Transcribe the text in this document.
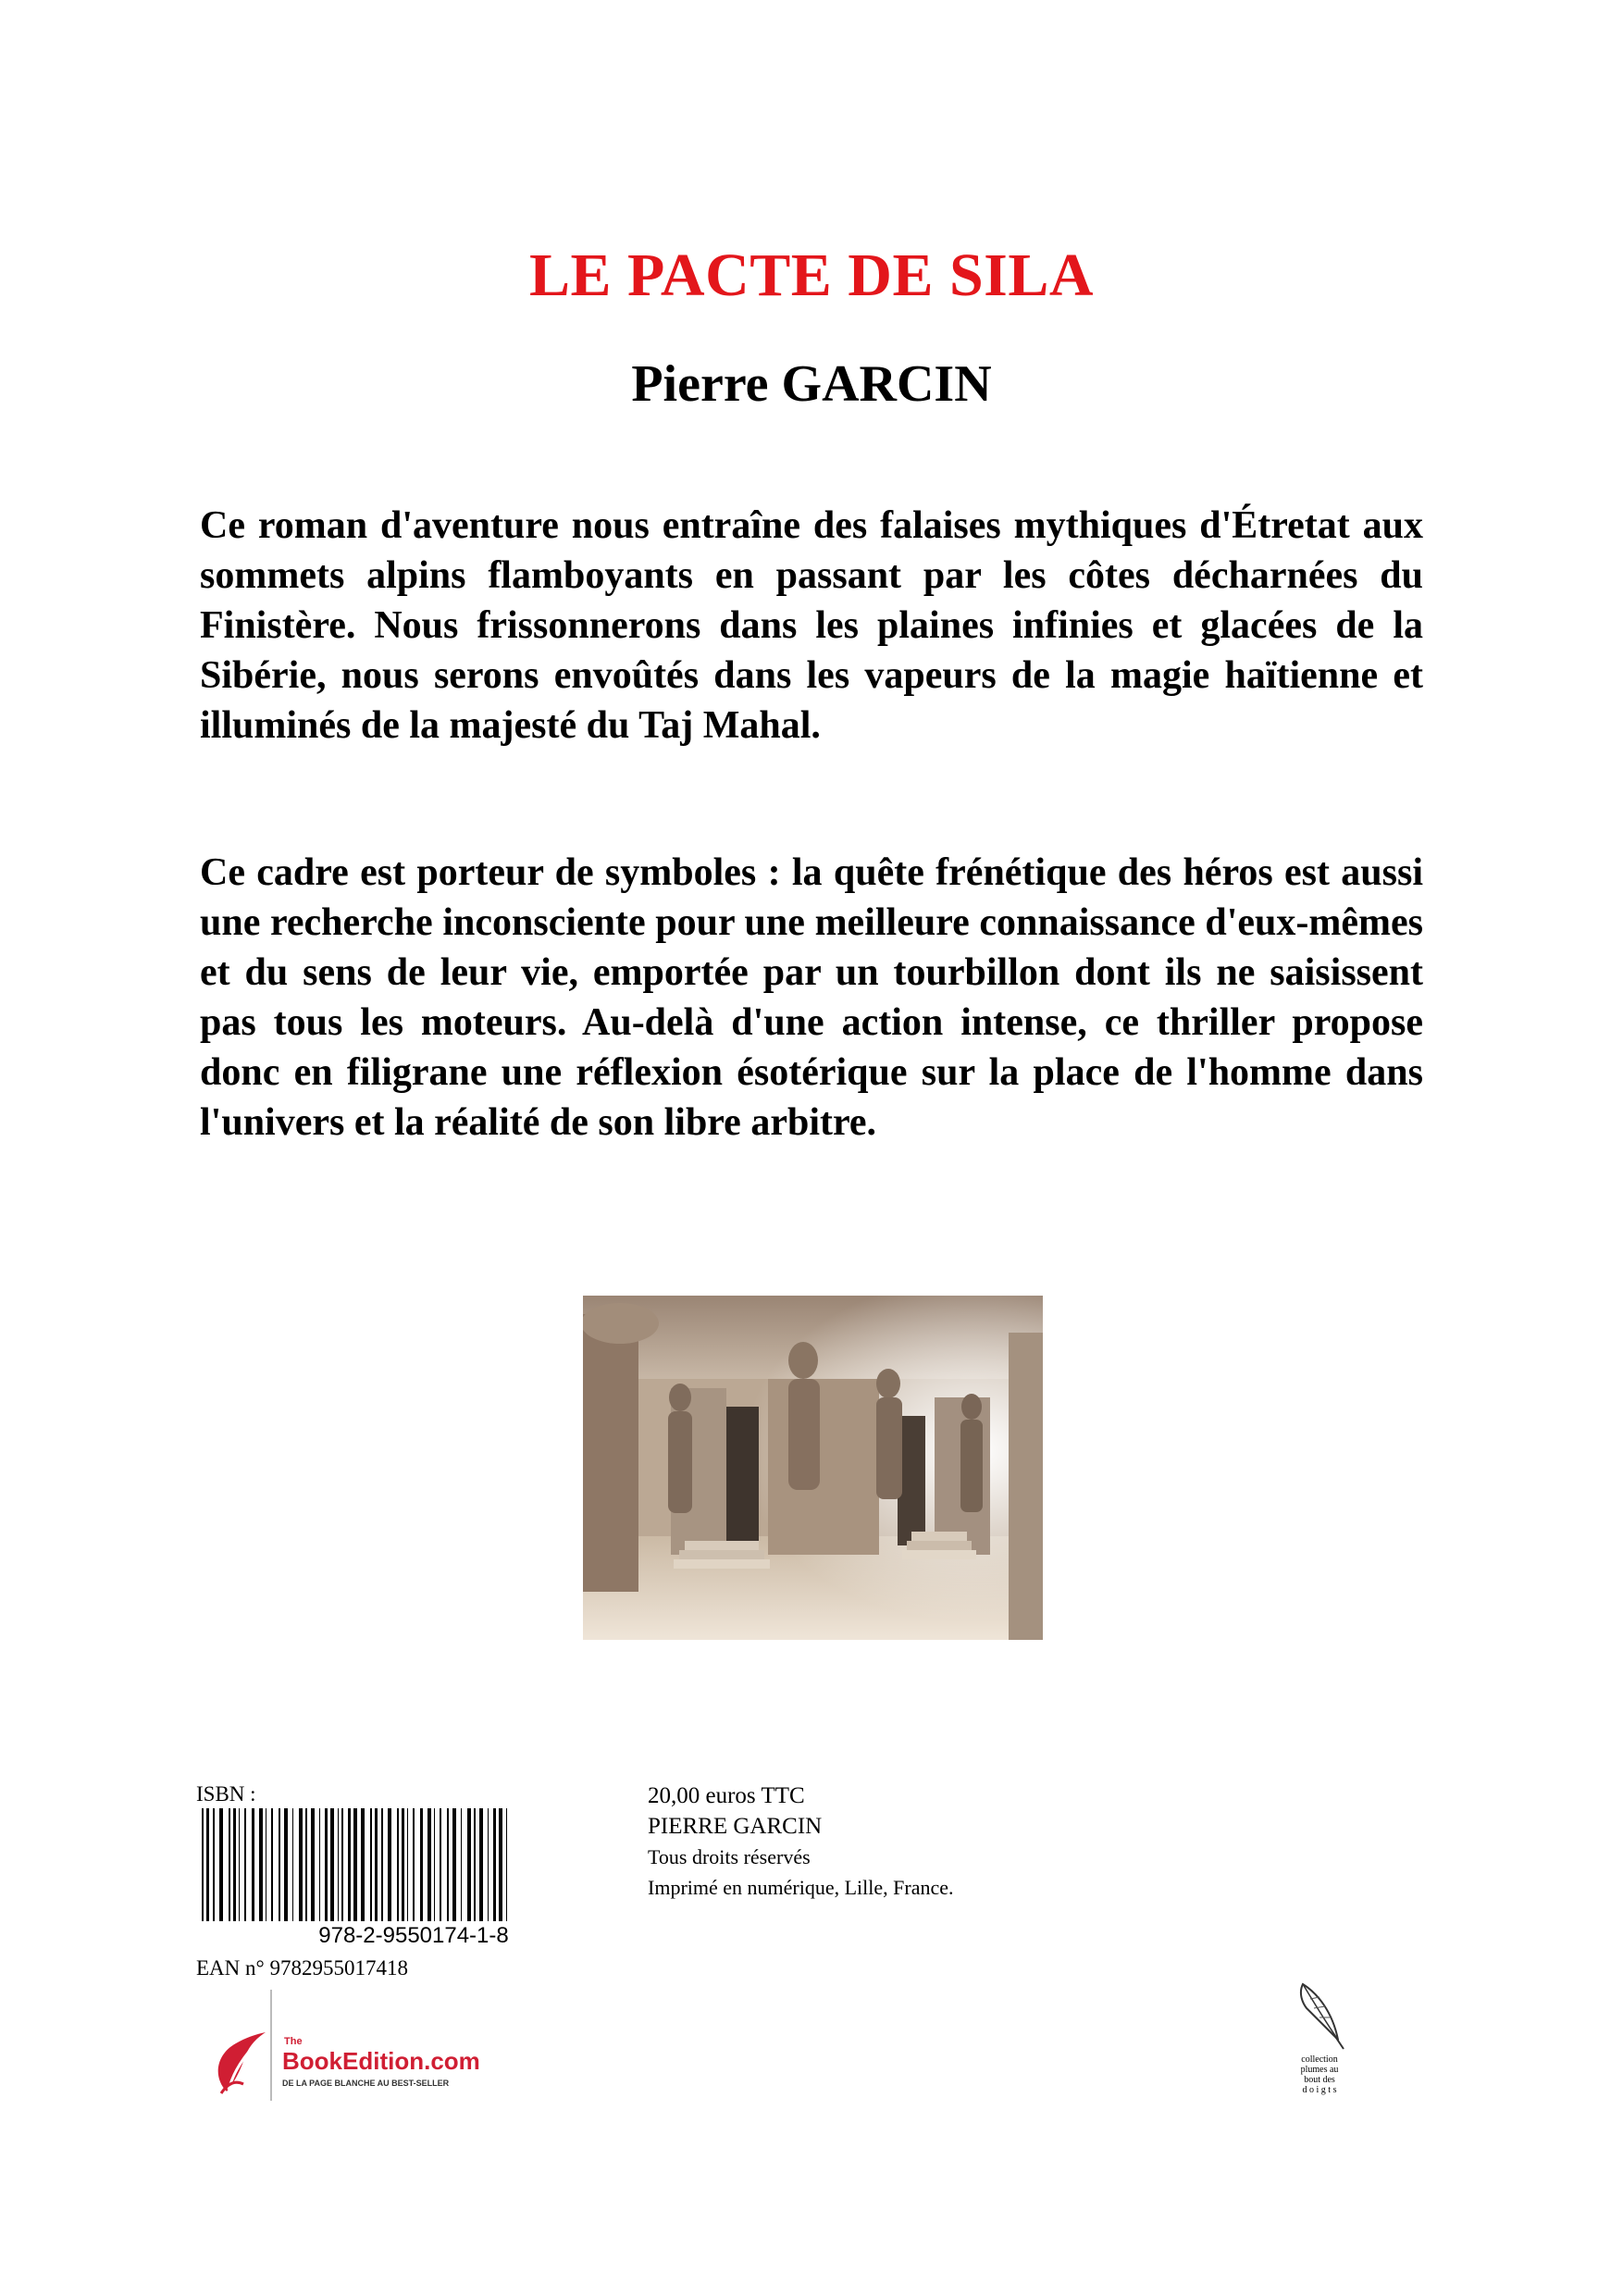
LE PACTE DE SILA
Pierre GARCIN

Ce roman d'aventure nous entraîne des falaises mythiques d'Étretat aux sommets alpins flamboyants en passant par les côtes décharnées du Finistère. Nous frissonnerons dans les plaines infinies et glacées de la Sibérie, nous serons envoûtés dans les vapeurs de la magie haïtienne et illuminés de la majesté du Taj Mahal.

Ce cadre est porteur de symboles : la quête frénétique des héros est aussi une recherche inconsciente pour une meilleure connaissance d'eux-mêmes et du sens de leur vie, emportée par un tourbillon dont ils ne saisissent pas tous les moteurs. Au-delà d'une action intense, ce thriller propose donc en filigrane une réflexion ésotérique sur la place de l'homme dans l'univers et la réalité de son libre arbitre.

ISBN :
978-2-9550174-1-8
EAN n° 9782955017418
20,00 euros TTC
PIERRE GARCIN
Tous droits réservés
Imprimé en numérique, Lille, France.
The
BookEdition.com
DE LA PAGE BLANCHE AU BEST-SELLER
collection
plumes au
bout des
d o i g t s
